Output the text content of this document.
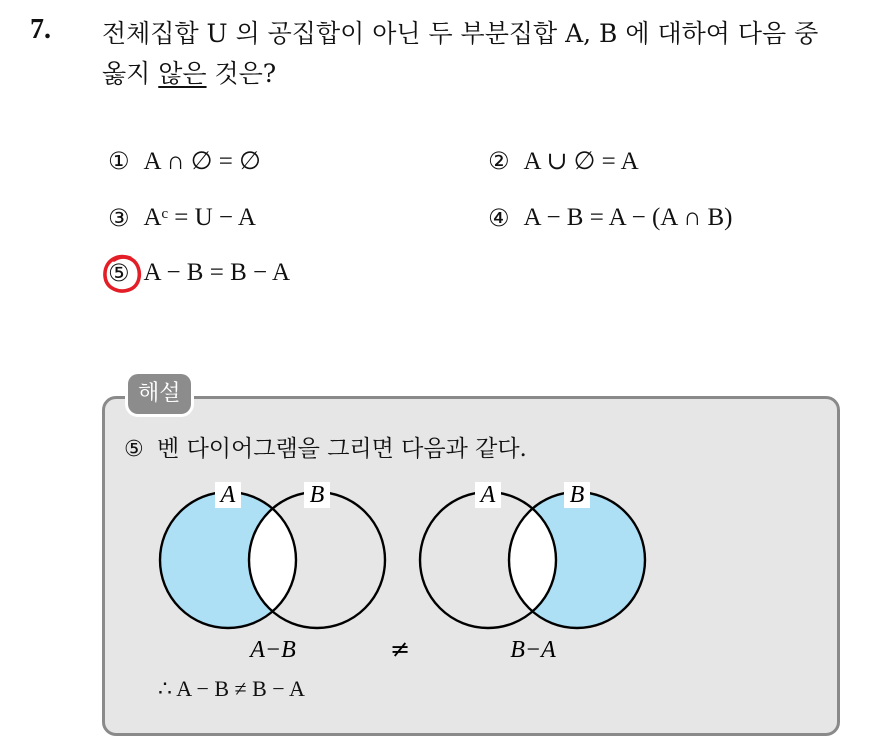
7. 전체집합 U 의 공집합이 아닌 두 부분집합 A, B 에 대하여 다음 중
옳지 않은 것은?
① A ∩ ∅ = ∅	② A ∪ ∅ = A
③ Aᶜ = U − A	④ A − B = A − (A ∩ B)
⑤ A − B = B − A
해설
⑤ 벤 다이어그램을 그리면 다음과 같다.
A	B
A−B	≠
A	B
B−A
∴ A − B ≠ B − A
